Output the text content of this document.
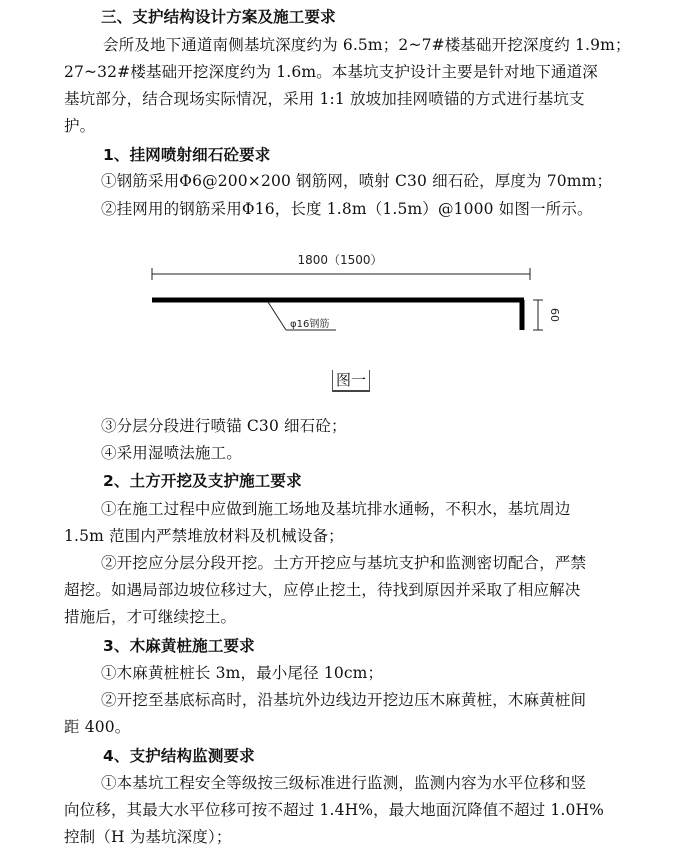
三、支护结构设计方案及施工要求
会所及地下通道南侧基坑深度约为 6.5m；2~7#楼基础开挖深度约 1.9m；
27~32#楼基础开挖深度约为 1.6m。本基坑支护设计主要是针对地下通道深
基坑部分，结合现场实际情况，采用 1:1 放坡加挂网喷锚的方式进行基坑支
护。
1、挂网喷射细石砼要求
①钢筋采用Φ6@200×200 钢筋网，喷射 C30 细石砼，厚度为 70mm；
②挂网用的钢筋采用Φ16，长度 1.8m（1.5m）@1000 如图一所示。
1800（1500）
60
φ16钢筋
图一
③分层分段进行喷锚 C30 细石砼；
④采用湿喷法施工。
2、土方开挖及支护施工要求
①在施工过程中应做到施工场地及基坑排水通畅，不积水，基坑周边
1.5m 范围内严禁堆放材料及机械设备；
②开挖应分层分段开挖。土方开挖应与基坑支护和监测密切配合，严禁
超挖。如遇局部边坡位移过大，应停止挖土，待找到原因并采取了相应解决
措施后，才可继续挖土。
3、木麻黄桩施工要求
①木麻黄桩桩长 3m，最小尾径 10cm；
②开挖至基底标高时，沿基坑外边线边开挖边压木麻黄桩，木麻黄桩间
距 400。
4、支护结构监测要求
①本基坑工程安全等级按三级标准进行监测，监测内容为水平位移和竖
向位移，其最大水平位移可按不超过 1.4H%，最大地面沉降值不超过 1.0H%
控制（H 为基坑深度）；
